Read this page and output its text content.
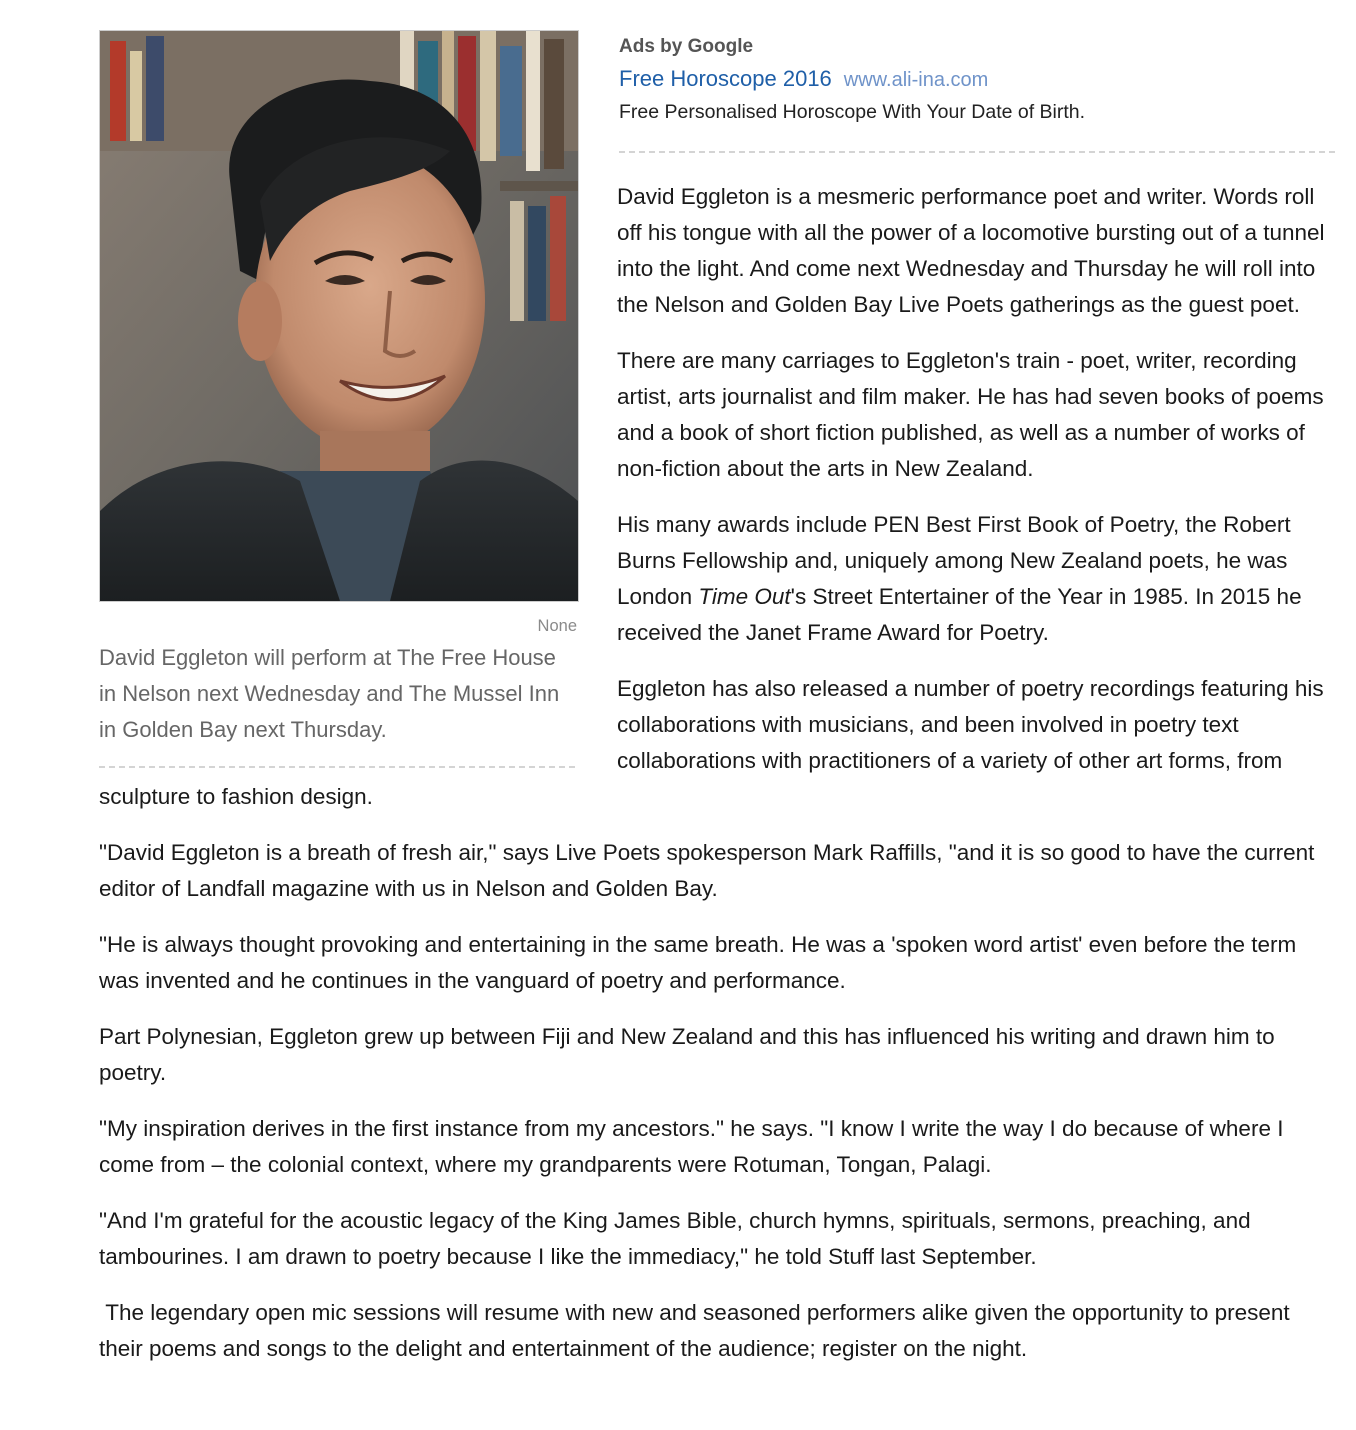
None
David Eggleton will perform at The Free House in Nelson next Wednesday and The Mussel Inn in Golden Bay next Thursday.
Ads by Google
Free Horoscope 2016 www.ali-ina.com
Free Personalised Horoscope With Your Date of Birth.

David Eggleton is a mesmeric performance poet and writer. Words roll off his tongue with all the power of a locomotive bursting out of a tunnel into the light. And come next Wednesday and Thursday he will roll into the Nelson and Golden Bay Live Poets gatherings as the guest poet.

There are many carriages to Eggleton's train - poet, writer, recording artist, arts journalist and film maker. He has had seven books of poems and a book of short fiction published, as well as a number of works of non-fiction about the arts in New Zealand.

His many awards include PEN Best First Book of Poetry, the Robert Burns Fellowship and, uniquely among New Zealand poets, he was London Time Out's Street Entertainer of the Year in 1985. In 2015 he received the Janet Frame Award for Poetry.

Eggleton has also released a number of poetry recordings featuring his collaborations with musicians, and been involved in poetry text collaborations with practitioners of a variety of other art forms, from sculpture to fashion design.

"David Eggleton is a breath of fresh air," says Live Poets spokesperson Mark Raffills, "and it is so good to have the current editor of Landfall magazine with us in Nelson and Golden Bay.

"He is always thought provoking and entertaining in the same breath. He was a 'spoken word artist' even before the term was invented and he continues in the vanguard of poetry and performance.

Part Polynesian, Eggleton grew up between Fiji and New Zealand and this has influenced his writing and drawn him to poetry.

"My inspiration derives in the first instance from my ancestors." he says. "I know I write the way I do because of where I come from – the colonial context, where my grandparents were Rotuman, Tongan, Palagi.

"And I'm grateful for the acoustic legacy of the King James Bible, church hymns, spirituals, sermons, preaching, and tambourines. I am drawn to poetry because I like the immediacy," he told Stuff last September.

The legendary open mic sessions will resume with new and seasoned performers alike given the opportunity to present their poems and songs to the delight and entertainment of the audience; register on the night.
